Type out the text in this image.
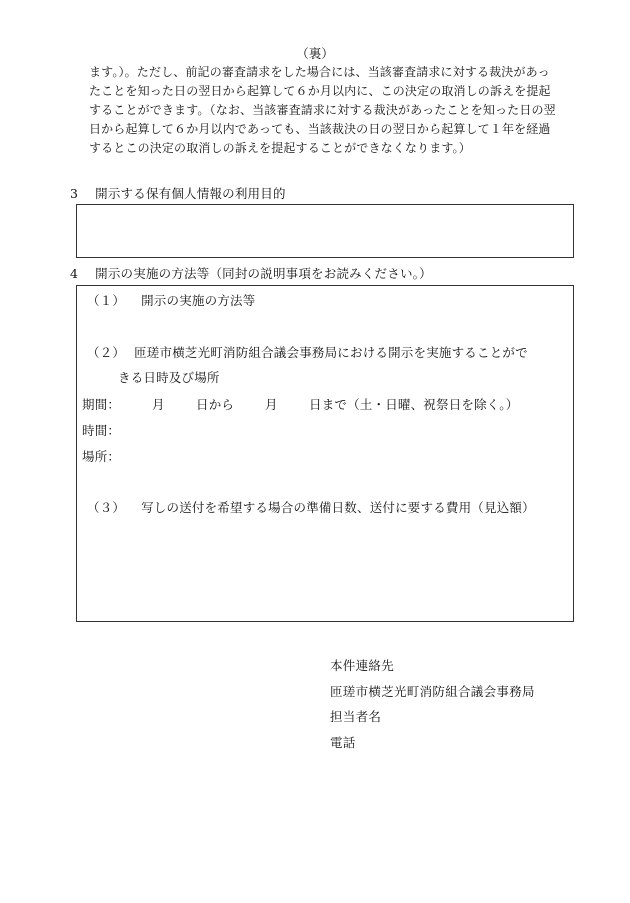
（裏）
ます。）。ただし、前記の審査請求をした場合には、当該審査請求に対する裁決があっ
たことを知った日の翌日から起算して６か月以内に、この決定の取消しの訴えを提起
することができます。（なお、当該審査請求に対する裁決があったことを知った日の翌
日から起算して６か月以内であっても、当該裁決の日の翌日から起算して１年を経過
するとこの決定の取消しの訴えを提起することができなくなります。）
3 開示する保有個人情報の利用目的
4 開示の実施の方法等（同封の説明事項をお読みください。）
（１） 開示の実施の方法等
（２） 匝瑳市横芝光町消防組合議会事務局における開示を実施することがで
きる日時及び場所
期間：	月	日から 月	日まで（土・日曜、祝祭日を除く。）
時間：
場所：
（３） 写しの送付を希望する場合の準備日数、送付に要する費用（見込額）
本件連絡先
匝瑳市横芝光町消防組合議会事務局
担当者名
電話
